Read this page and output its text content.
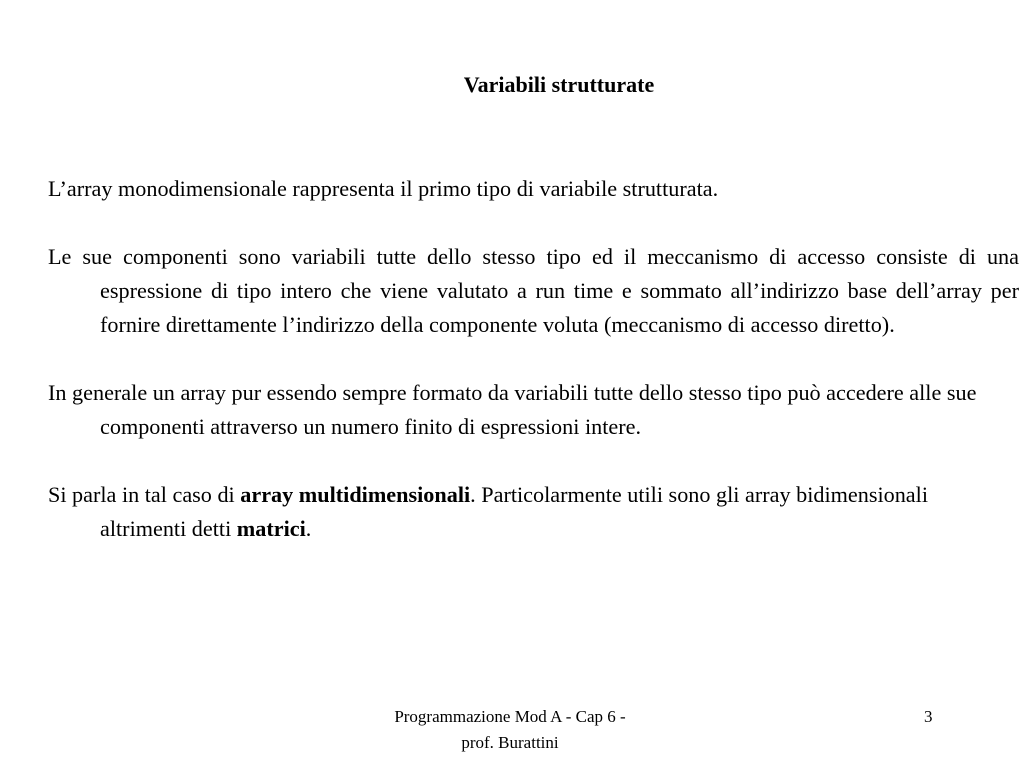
Variabili strutturate

L’array monodimensionale rappresenta il primo tipo di variabile strutturata.

Le sue componenti sono variabili tutte dello stesso tipo ed il meccanismo di accesso consiste di una espressione di tipo intero che viene valutato a run time e sommato all’indirizzo base dell’array per fornire direttamente l’indirizzo della componente voluta (meccanismo di accesso diretto).

In generale un array pur essendo sempre formato da variabili tutte dello stesso tipo può accedere alle sue componenti attraverso un numero finito di espressioni intere.

Si parla in tal caso di array multidimensionali. Particolarmente utili sono gli array bidimensionali altrimenti detti matrici.

Programmazione Mod A - Cap 6 -
prof. Burattini
3
